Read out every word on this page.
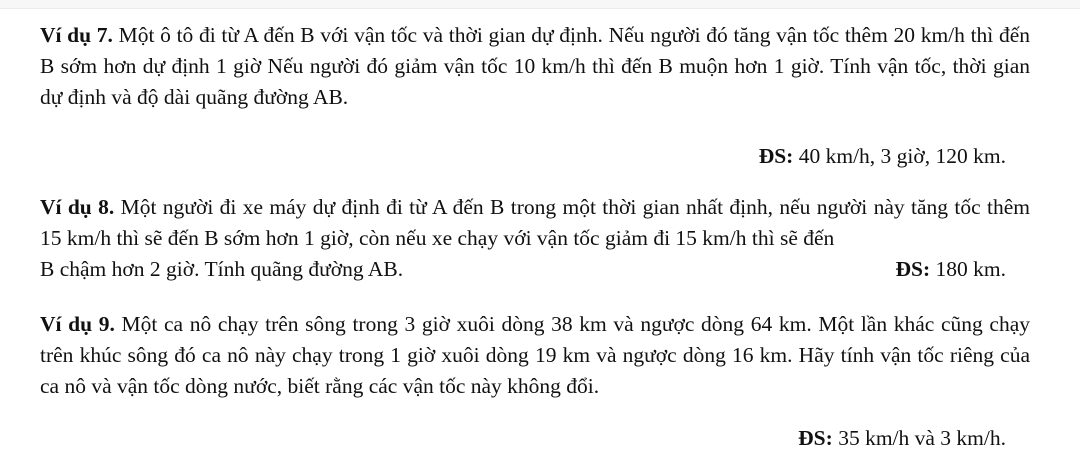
Ví dụ 7. Một ô tô đi từ A đến B với vận tốc và thời gian dự định. Nếu người đó tăng vận tốc thêm 20 km/h thì đến B sớm hơn dự định 1 giờ Nếu người đó giảm vận tốc 10 km/h thì đến B muộn hơn 1 giờ. Tính vận tốc, thời gian dự định và độ dài quãng đường AB.

ĐS: 40 km/h, 3 giờ, 120 km.

Ví dụ 8. Một người đi xe máy dự định đi từ A đến B trong một thời gian nhất định, nếu người này tăng tốc thêm 15 km/h thì sẽ đến B sớm hơn 1 giờ, còn nếu xe chạy với vận tốc giảm đi 15 km/h thì sẽ đến

B chậm hơn 2 giờ. Tính quãng đường AB.	ĐS: 180 km.

Ví dụ 9. Một ca nô chạy trên sông trong 3 giờ xuôi dòng 38 km và ngược dòng 64 km. Một lần khác cũng chạy trên khúc sông đó ca nô này chạy trong 1 giờ xuôi dòng 19 km và ngược dòng 16 km. Hãy tính vận tốc riêng của ca nô và vận tốc dòng nước, biết rằng các vận tốc này không đổi.

ĐS: 35 km/h và 3 km/h.
